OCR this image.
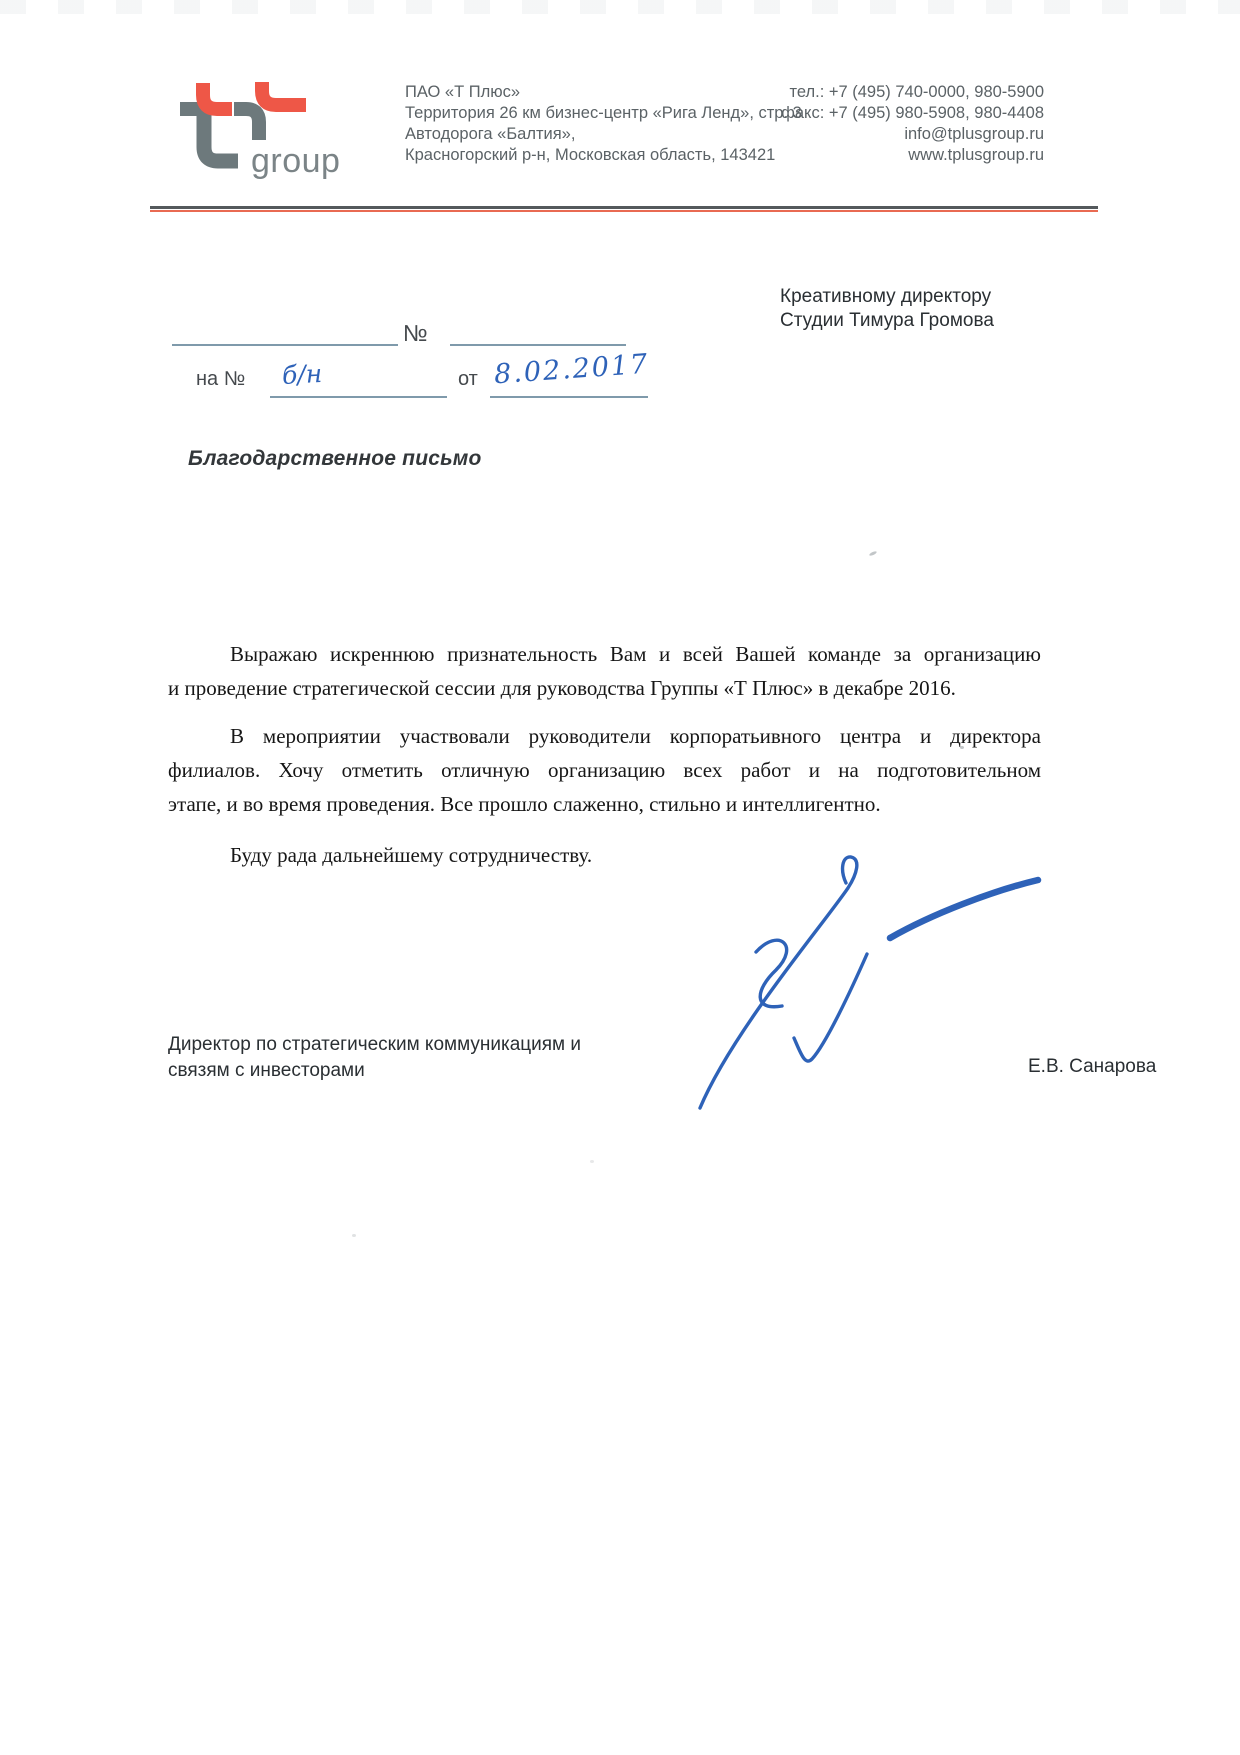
group
ПАО «Т Плюс»
Территория 26 км бизнес-центр «Рига Ленд», стр. 3
Автодорога «Балтия»,
Красногорский р-н, Московская область, 143421
тел.: +7 (495) 740-0000, 980-5900
факс: +7 (495) 980-5908, 980-4408
info@tplusgroup.ru
www.tplusgroup.ru
Креативному директору
Студии Тимура Громова
№
на № б/н	от 8.02.2017
Благодарственное письмо
Выражаю искреннюю признательность Вам и всей Вашей команде за организацию
и проведение стратегической сессии для руководства Группы «Т Плюс» в декабре 2016.
В мероприятии участвовали руководители корпоратьивного центра и директора
филиалов. Хочу отметить отличную организацию всех работ и на подготовительном
этапе, и во время проведения. Все прошло слаженно, стильно и интеллигентно.
Буду рада дальнейшему сотрудничеству.
Директор по стратегическим коммуникациям и
связям с инвесторами	Е.В. Санарова
